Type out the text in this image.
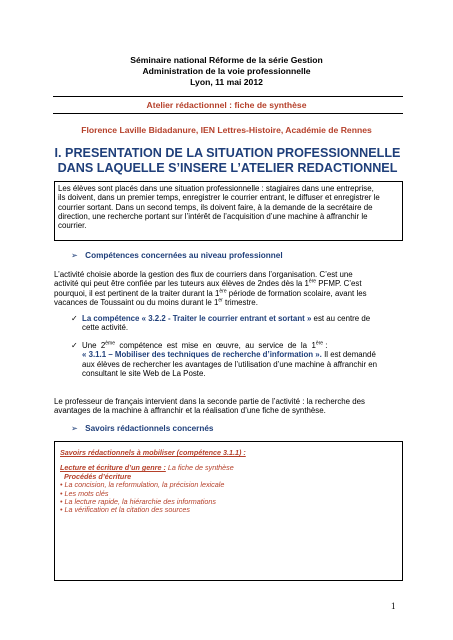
Séminaire national Réforme de la série Gestion
Administration de la voie professionnelle
Lyon, 11 mai 2012
Atelier rédactionnel : fiche de synthèse
Florence Laville Bidadanure, IEN Lettres-Histoire, Académie de Rennes
I. PRESENTATION DE LA SITUATION PROFESSIONNELLE
DANS LAQUELLE S’INSERE L’ATELIER REDACTIONNEL
Les élèves sont placés dans une situation professionnelle : stagiaires dans une entreprise,
ils doivent, dans un premier temps, enregistrer le courrier entrant, le diffuser et enregistrer le
courrier sortant. Dans un second temps, ils doivent faire, à la demande de la secrétaire de
direction, une recherche portant sur l’intérêt de l’acquisition d’une machine à affranchir le
courrier.
➢ Compétences concernées au niveau professionnel
L’activité choisie aborde la gestion des flux de courriers dans l’organisation. C’est une
activité qui peut être confiée par les tuteurs aux élèves de 2ndes dès la 1ère PFMP. C’est
pourquoi, il est pertinent de la traiter durant la 1ère période de formation scolaire, avant les
vacances de Toussaint ou du moins durant le 1er trimestre.
✓ La compétence « 3.2.2 - Traiter le courrier entrant et sortant » est au centre de
cette activité.
✓ Une  2ème  compétence  est  mise  en  œuvre,  au  service  de  la  1ère :
« 3.1.1 – Mobiliser des techniques de recherche d’information ». Il est demandé
aux élèves de rechercher les avantages de l’utilisation d’une machine à affranchir en
consultant le site Web de La Poste.
Le professeur de français intervient dans la seconde partie de l’activité : la recherche des
avantages de la machine à affranchir et la réalisation d’une fiche de synthèse.
➢ Savoirs rédactionnels concernés
Savoirs rédactionnels à mobiliser (compétence 3.1.1) :
Lecture et écriture d’un genre : La fiche de synthèse
Procédés d’écriture
• La concision, la reformulation, la précision lexicale
• Les mots clés
• La lecture rapide, la hiérarchie des informations
• La vérification et la citation des sources
1
